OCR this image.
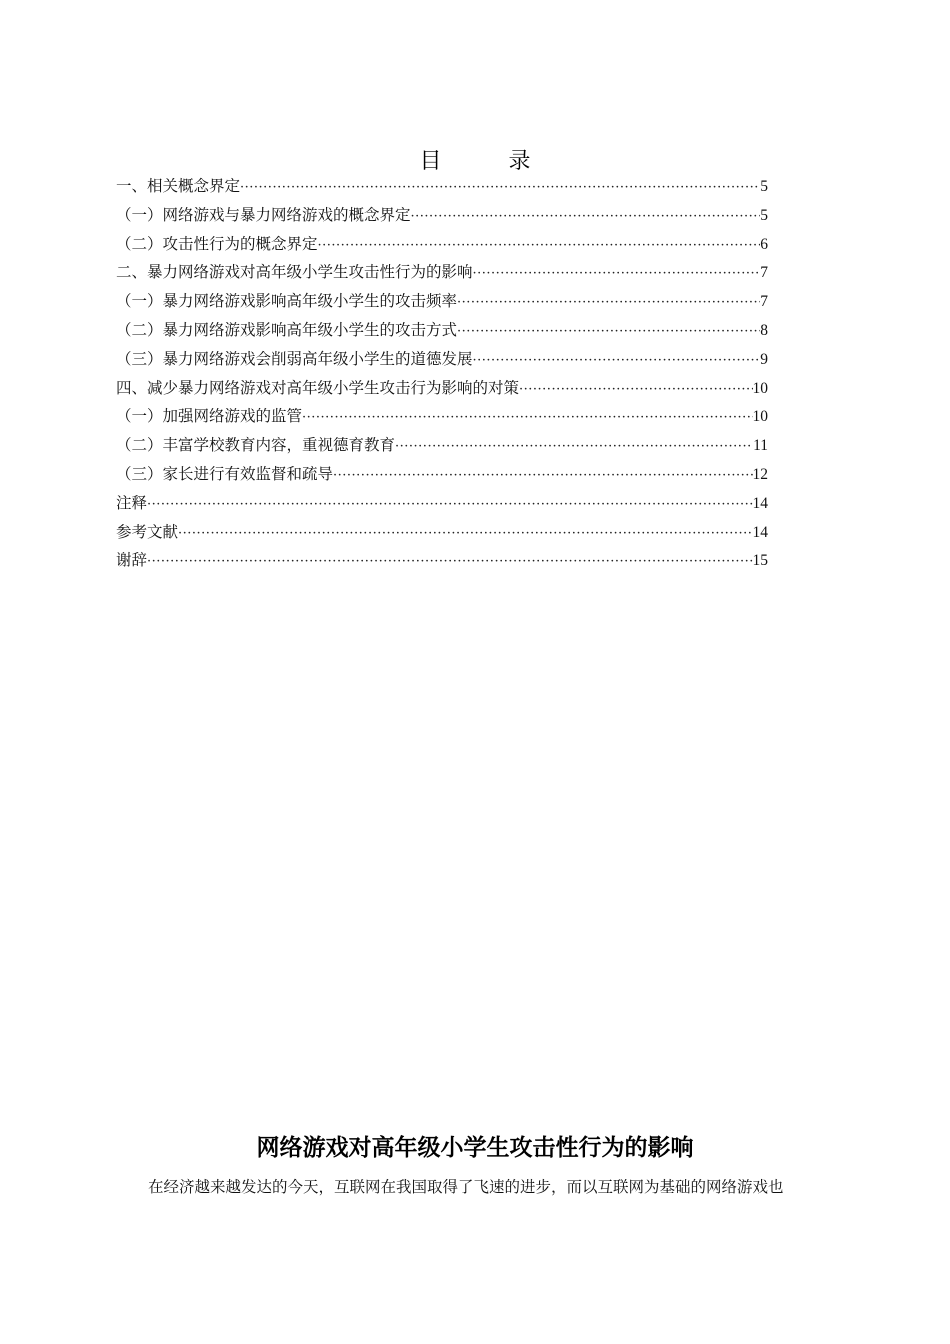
目 录
一、相关概念界定 ·····	5
（一）网络游戏与暴力网络游戏的概念界定 ·····	5
（二）攻击性行为的概念界定 ·····	6
二、暴力网络游戏对高年级小学生攻击性行为的影响 ·····	7
（一）暴力网络游戏影响高年级小学生的攻击频率 ·····	7
（二）暴力网络游戏影响高年级小学生的攻击方式 ·····	8
（三）暴力网络游戏会削弱高年级小学生的道德发展 ·····	9
四、减少暴力网络游戏对高年级小学生攻击行为影响的对策 ·····	10
（一）加强网络游戏的监管 ·····	10
（二）丰富学校教育内容，重视德育教育 ·····	11
（三）家长进行有效监督和疏导 ·····	12
注释 ·····	14
参考文献 ·····	14
谢辞 ·····	15
网络游戏对高年级小学生攻击性行为的影响
在经济越来越发达的今天，互联网在我国取得了飞速的进步，而以互联网为基础的网络游戏也
